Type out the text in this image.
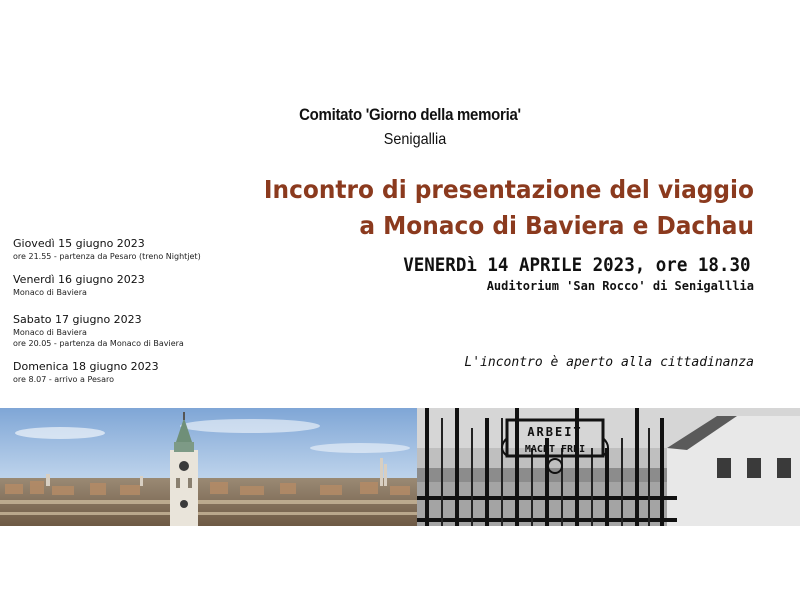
Comitato 'Giorno della memoria'
Senigallia
Incontro di presentazione del viaggio
a Monaco di Baviera e Dachau
VENERDì 14 APRILE 2023, ore 18.30
Auditorium 'San Rocco' di Senigalllia
L'incontro è aperto alla cittadinanza
Giovedì 15 giugno 2023
ore 21.55 - partenza da Pesaro (treno Nightjet)
Venerdì 16 giugno 2023
Monaco di Baviera
Sabato 17 giugno 2023
Monaco di Baviera
ore 20.05 - partenza da Monaco di Baviera
Domenica 18 giugno 2023
ore 8.07 - arrivo a Pesaro
ARBEIT
MACHT FREI
